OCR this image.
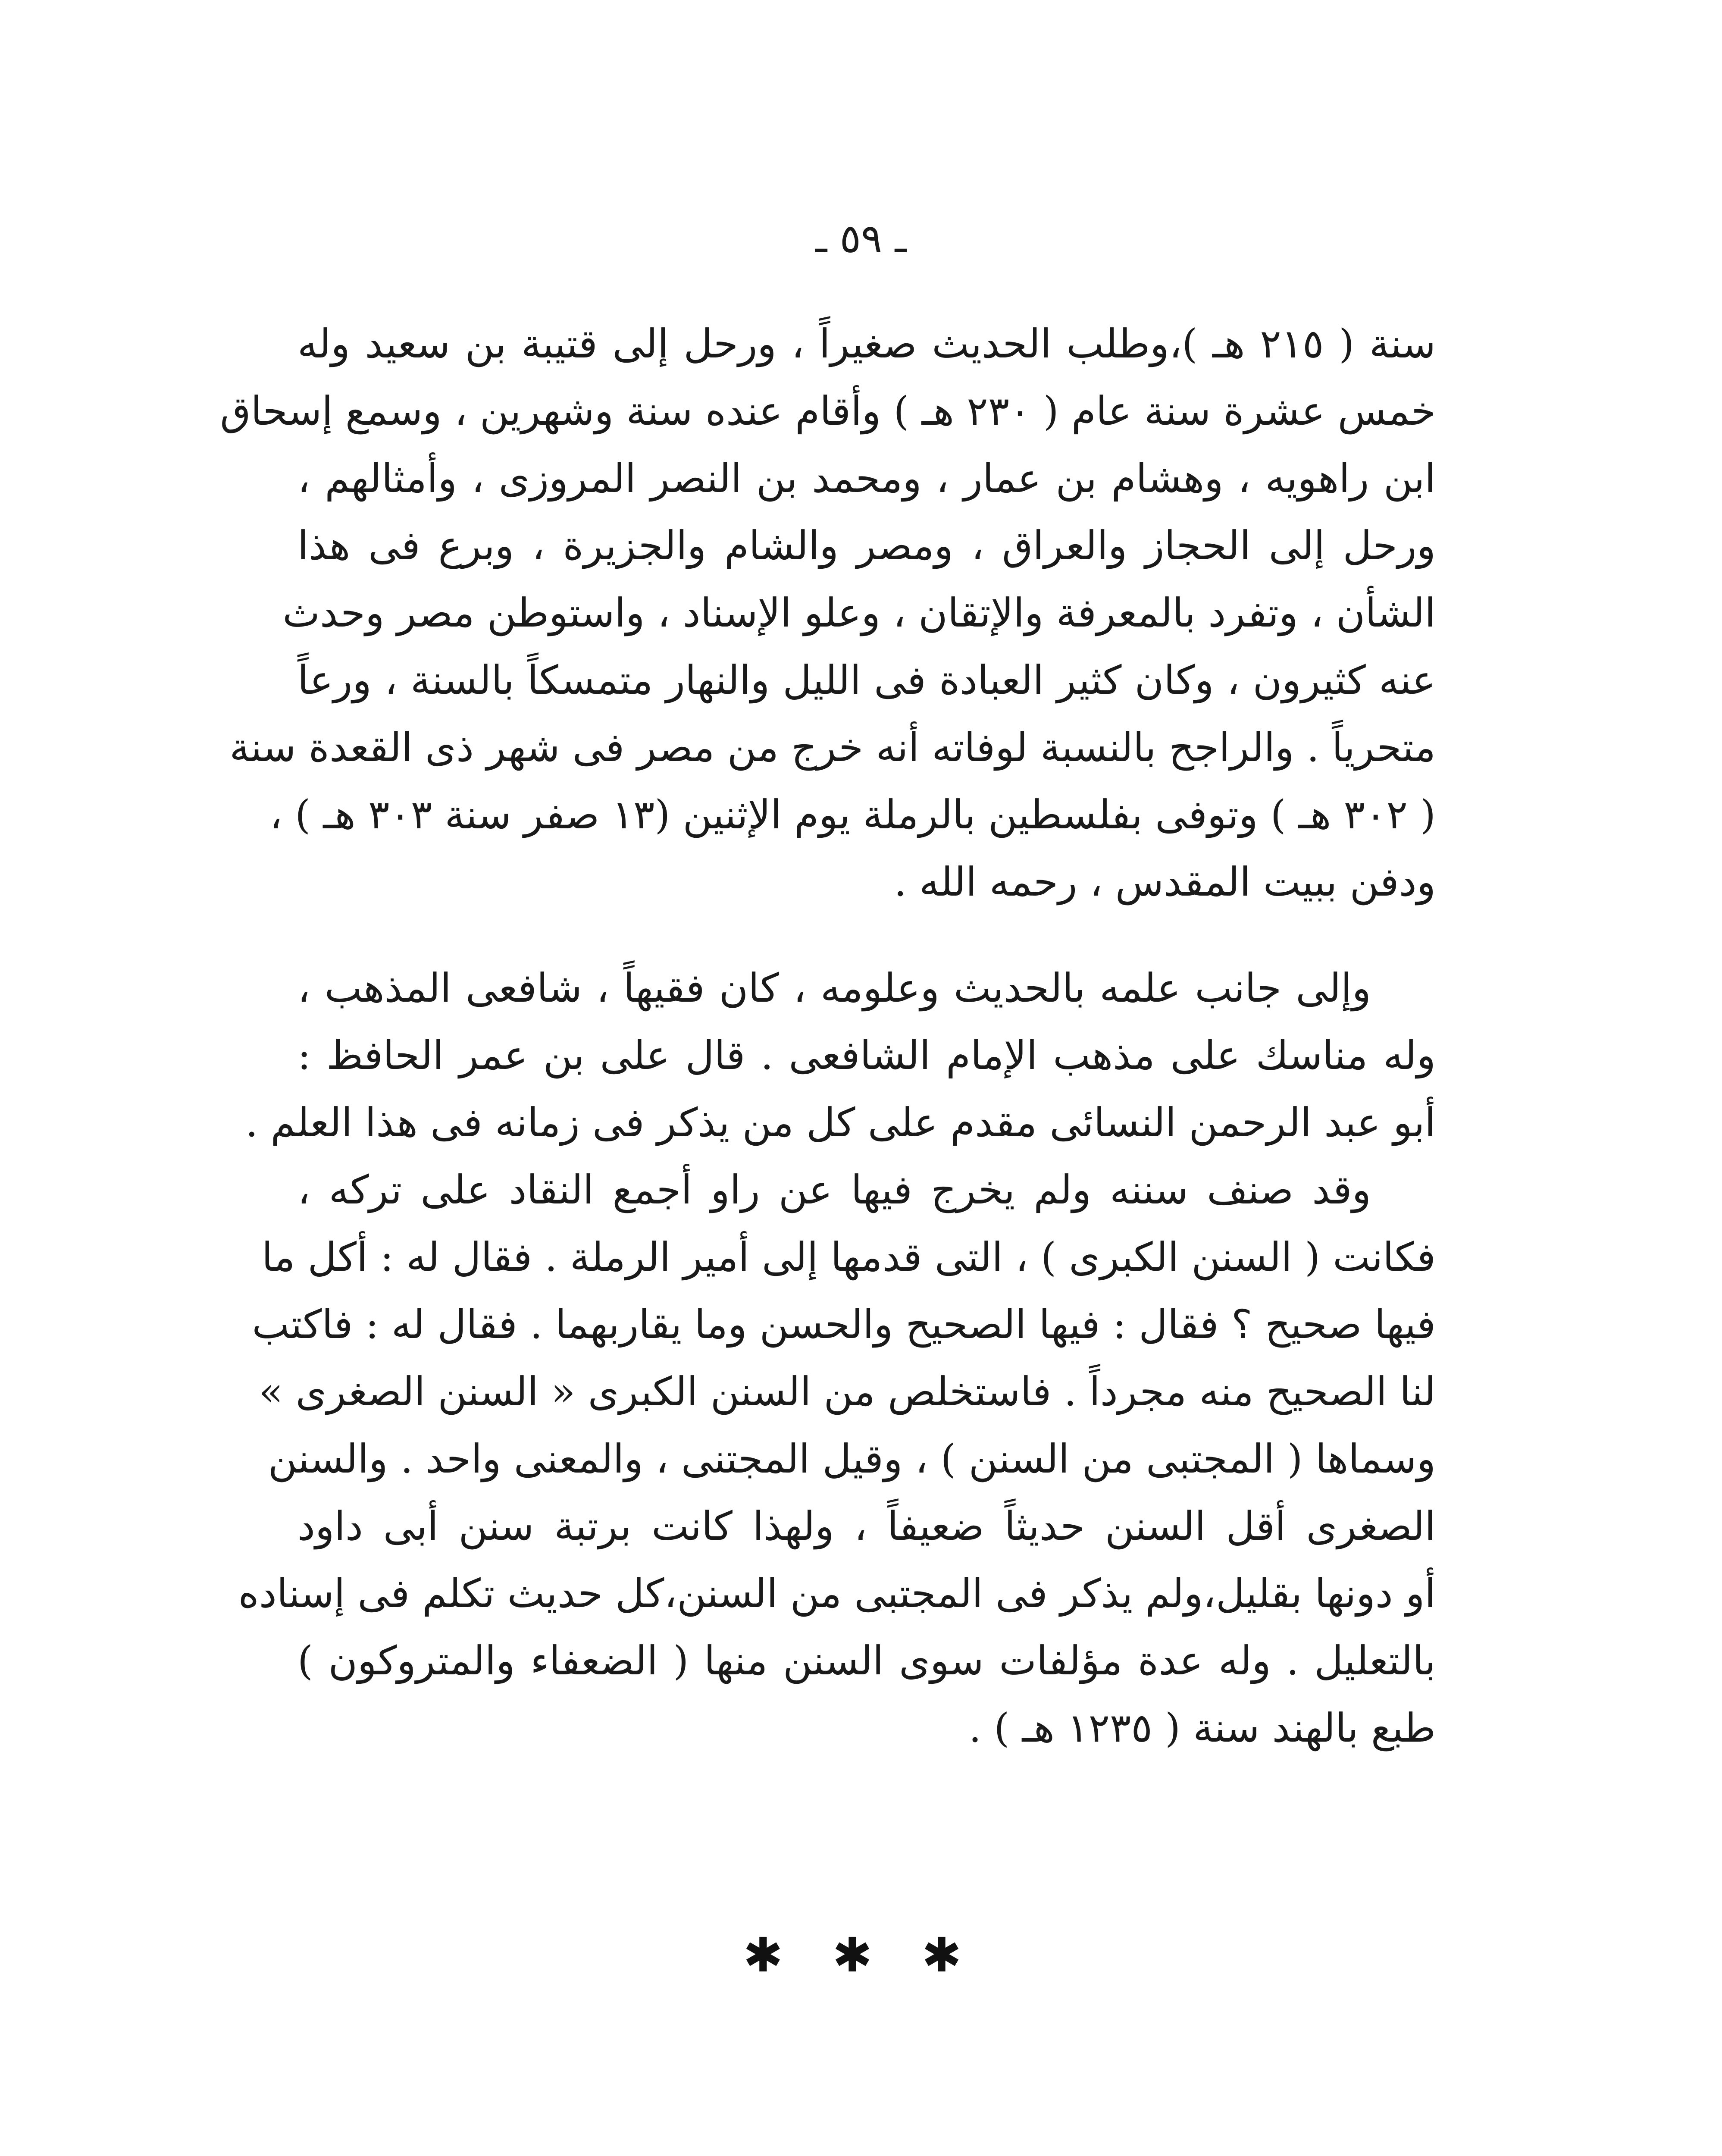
ـ ٥٩ ـ
سنة ( ٢١٥ هـ )،وطلب الحديث صغيراً ، ورحل إلى قتيبة بن سعيد وله
خمس عشرة سنة عام ( ٢٣٠ هـ ) وأقام عنده سنة وشهرين ، وسمع إسحاق
ابن راهويه ، وهشام بن عمار ، ومحمد بن النصر المروزى ، وأمثالهم ،
ورحل إلى الحجاز والعراق ، ومصر والشام والجزيرة ، وبرع فى هذا
الشأن ، وتفرد بالمعرفة والإتقان ، وعلو الإسناد ، واستوطن مصر وحدث
عنه كثيرون ، وكان كثير العبادة فى الليل والنهار متمسكاً بالسنة ، ورعاً
متحرياً . والراجح بالنسبة لوفاته أنه خرج من مصر فى شهر ذى القعدة سنة
( ٣٠٢ هـ ) وتوفى بفلسطين بالرملة يوم الإثنين (١٣ صفر سنة ٣٠٣ هـ ) ،
ودفن ببيت المقدس ، رحمه الله .
وإلى جانب علمه بالحديث وعلومه ، كان فقيهاً ، شافعى المذهب ،
وله مناسك على مذهب الإمام الشافعى . قال على بن عمر الحافظ :
أبو عبد الرحمن النسائى مقدم على كل من يذكر فى زمانه فى هذا العلم .
وقد صنف سننه ولم يخرج فيها عن راو أجمع النقاد على تركه ،
فكانت ( السنن الكبرى ) ، التى قدمها إلى أمير الرملة . فقال له : أكل ما
فيها صحيح ؟ فقال : فيها الصحيح والحسن وما يقاربهما . فقال له : فاكتب
لنا الصحيح منه مجرداً . فاستخلص من السنن الكبرى « السنن الصغرى »
وسماها ( المجتبى من السنن ) ، وقيل المجتنى ، والمعنى واحد . والسنن
الصغرى أقل السنن حديثاً ضعيفاً ، ولهذا كانت برتبة سنن أبى داود
أو دونها بقليل،ولم يذكر فى المجتبى من السنن،كل حديث تكلم فى إسناده
بالتعليل . وله عدة مؤلفات سوى السنن منها ( الضعفاء والمتروكون )
طبع بالهند سنة ( ١٢٣٥ هـ ) .
✱ ✱ ✱
